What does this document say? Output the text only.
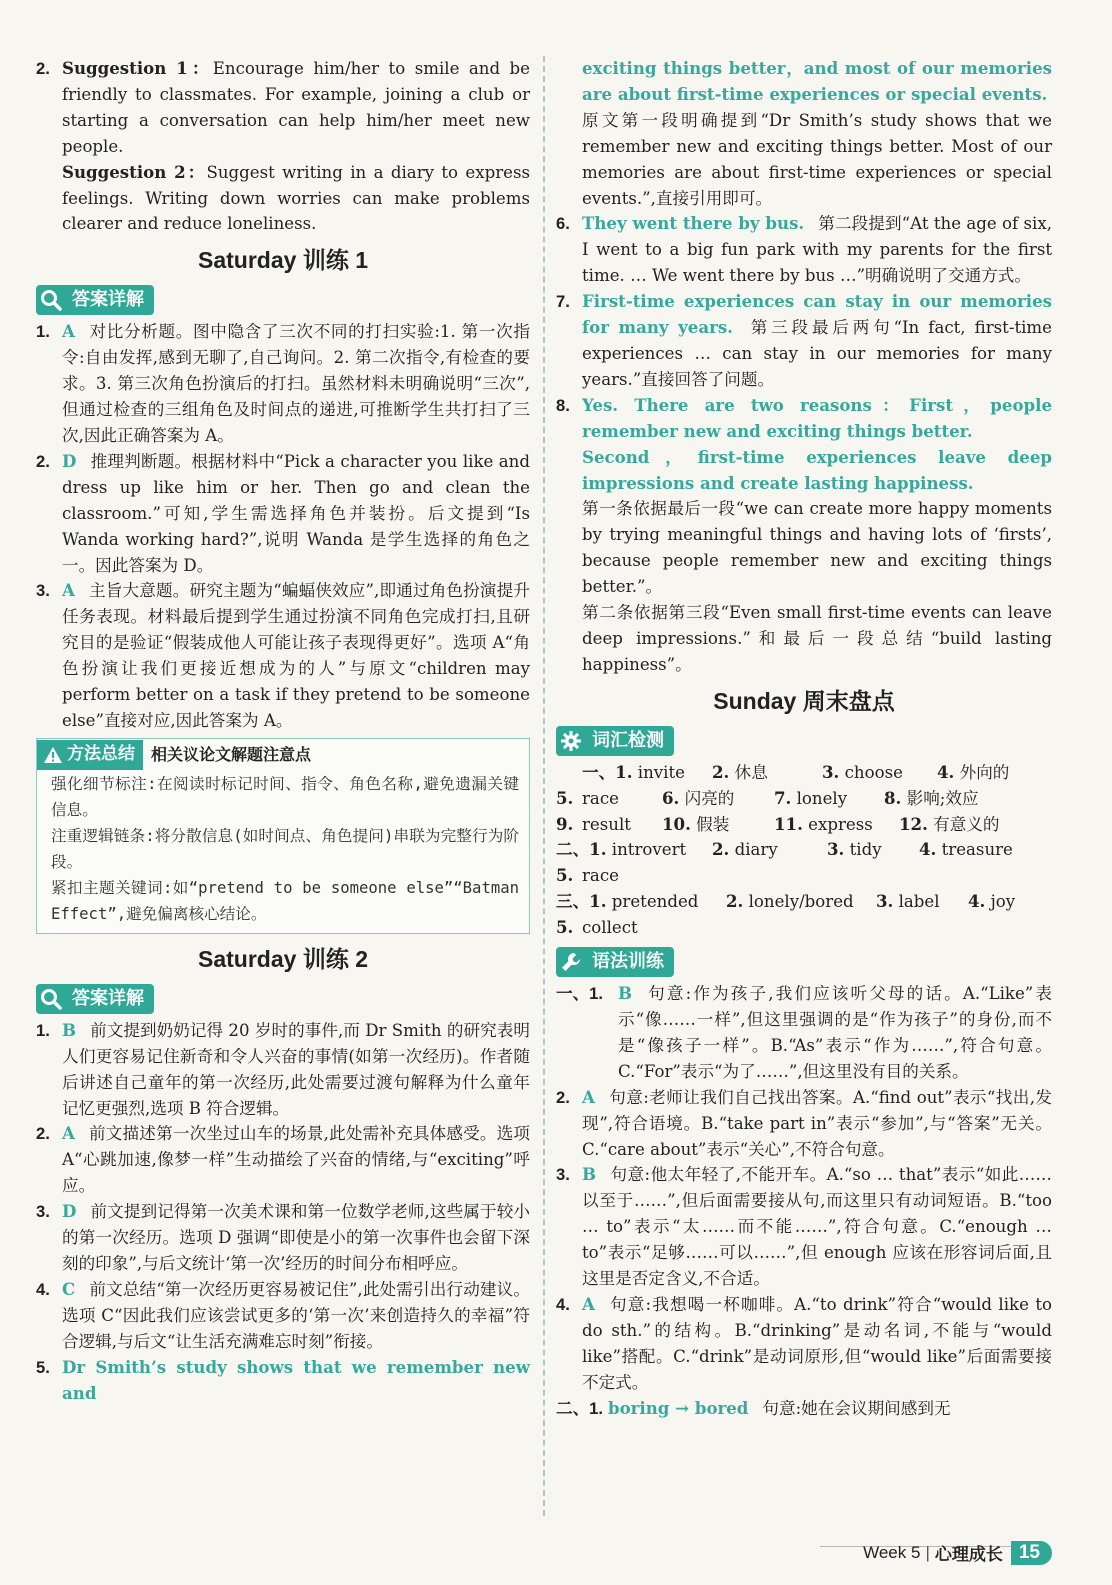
2. Suggestion 1：Encourage him/her to smile and be friendly to classmates. For example, joining a club or starting a conversation can help him/her meet new people.

Suggestion 2：Suggest writing in a diary to express feelings. Writing down worries can make problems clearer and reduce loneliness.

Saturday 训练 1
答案详解
1. A 对比分析题。图中隐含了三次不同的打扫实验:1. 第一次指令:自由发挥,感到无聊了,自己询问。2. 第二次指令,有检查的要求。3. 第三次角色扮演后的打扫。虽然材料未明确说明“三次”,但通过检查的三组角色及时间点的递进,可推断学生共打扫了三次,因此正确答案为 A。

2. D 推理判断题。根据材料中“Pick a character you like and dress up like him or her. Then go and clean the classroom.”可知,学生需选择角色并装扮。后文提到“Is Wanda working hard?”,说明 Wanda 是学生选择的角色之一。因此答案为 D。

3. A 主旨大意题。研究主题为“蝙蝠侠效应”,即通过角色扮演提升任务表现。材料最后提到学生通过扮演不同角色完成打扫,且研究目的是验证“假装成他人可能让孩子表现得更好”。选项 A“角色扮演让我们更接近想成为的人”与原文“children may perform better on a task if they pretend to be someone else”直接对应,因此答案为 A。

方法总结 相关议论文解题注意点
强化细节标注:在阅读时标记时间、指令、角色名称,避免遗漏关键信息。
注重逻辑链条:将分散信息(如时间点、角色提问)串联为完整行为阶段。
紧扣主题关键词:如“pretend to be someone else”“Batman Effect”,避免偏离核心结论。
Saturday 训练 2
答案详解
1. B 前文提到奶奶记得 20 岁时的事件,而 Dr Smith 的研究表明人们更容易记住新奇和令人兴奋的事情(如第一次经历)。作者随后讲述自己童年的第一次经历,此处需要过渡句解释为什么童年记忆更强烈,选项 B 符合逻辑。

2. A 前文描述第一次坐过山车的场景,此处需补充具体感受。选项 A“心跳加速,像梦一样”生动描绘了兴奋的情绪,与“exciting”呼应。

3. D 前文提到记得第一次美术课和第一位数学老师,这些属于较小的第一次经历。选项 D 强调“即使是小的第一次事件也会留下深刻的印象”,与后文统计‘第一次’经历的时间分布相呼应。

4. C 前文总结“第一次经历更容易被记住”,此处需引出行动建议。选项 C“因此我们应该尝试更多的‘第一次’来创造持久的幸福”符合逻辑,与后文“让生活充满难忘时刻”衔接。

5. Dr Smith’s study shows that we remember new and

exciting things better，and most of our memories are about first-time experiences or special events.

原文第一段明确提到“Dr Smith’s study shows that we remember new and exciting things better. Most of our memories are about first-time experiences or special events.”,直接引用即可。

6. They went there by bus. 第二段提到“At the age of six, I went to a big fun park with my parents for the first time. … We went there by bus …”明确说明了交通方式。

7. First-time experiences can stay in our memories for many years. 第三段最后两句“In fact, first-time experiences … can stay in our memories for many years.”直接回答了问题。

8. Yes. There are two reasons：First，people remember new and exciting things better.

Second，first-time experiences leave deep impressions and create lasting happiness.

第一条依据最后一段“we can create more happy moments by trying meaningful things and having lots of ‘firsts’, because people remember new and exciting things better.”。

第二条依据第三段“Even small first-time events can leave deep impressions.”和最后一段总结“build lasting happiness”。

Sunday 周末盘点
词汇检测
一、1. invite	2. 休息	3. choose	4. 外向的
5. race	6. 闪亮的	7. lonely	8. 影响;效应
9. result	10. 假装	11. express	12. 有意义的
二、1. introvert	2. diary	3. tidy	4. treasure
5. race
三、1. pretended	2. lonely/bored	3. label	4. joy
5. collect
语法训练
一、1. B 句意:作为孩子,我们应该听父母的话。A.“Like”表示“像……一样”,但这里强调的是“作为孩子”的身份,而不是“像孩子一样”。B.“As”表示“作为……”,符合句意。C.“For”表示“为了……”,但这里没有目的关系。

2. A 句意:老师让我们自己找出答案。A.“find out”表示“找出,发现”,符合语境。B.“take part in”表示“参加”,与“答案”无关。C.“care about”表示“关心”,不符合句意。

3. B 句意:他太年轻了,不能开车。A.“so … that”表示“如此……以至于……”,但后面需要接从句,而这里只有动词短语。B.“too … to”表示“太……而不能……”,符合句意。C.“enough … to”表示“足够……可以……”,但 enough 应该在形容词后面,且这里是否定含义,不合适。

4. A 句意:我想喝一杯咖啡。A.“to drink”符合“would like to do sth.”的结构。B.“drinking”是动名词,不能与“would like”搭配。C.“drink”是动词原形,但“would like”后面需要接不定式。

二、1. boring → bored 句意:她在会议期间感到无

Week 5 | 心理成长 15
